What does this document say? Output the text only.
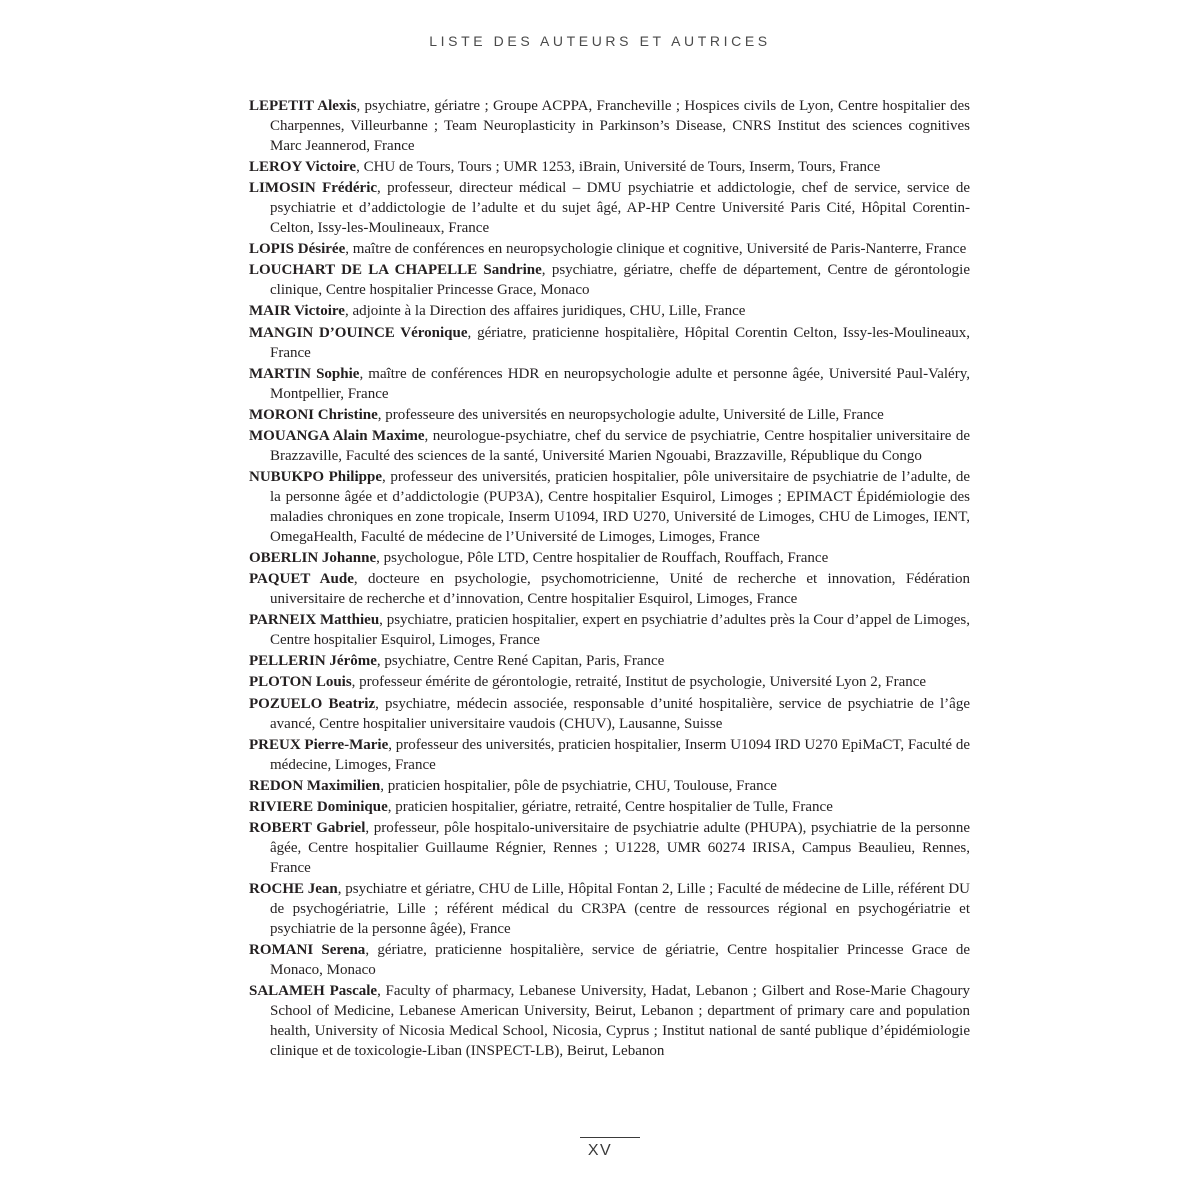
LISTE DES AUTEURS ET AUTRICES
LEPETIT Alexis, psychiatre, gériatre ; Groupe ACPPA, Francheville ; Hospices civils de Lyon, Centre hospitalier des Charpennes, Villeurbanne ; Team Neuroplasticity in Parkinson’s Disease, CNRS Institut des sciences cognitives Marc Jeannerod, France
LEROY Victoire, CHU de Tours, Tours ; UMR 1253, iBrain, Université de Tours, Inserm, Tours, France
LIMOSIN Frédéric, professeur, directeur médical – DMU psychiatrie et addictologie, chef de service, service de psychiatrie et d’addictologie de l’adulte et du sujet âgé, AP-HP Centre Université Paris Cité, Hôpital Corentin-Celton, Issy-les-Moulineaux, France
LOPIS Désirée, maître de conférences en neuropsychologie clinique et cognitive, Université de Paris-Nanterre, France
LOUCHART DE LA CHAPELLE Sandrine, psychiatre, gériatre, cheffe de département, Centre de gérontologie clinique, Centre hospitalier Princesse Grace, Monaco
MAIR Victoire, adjointe à la Direction des affaires juridiques, CHU, Lille, France
MANGIN D’OUINCE Véronique, gériatre, praticienne hospitalière, Hôpital Corentin Celton, Issy-les-Moulineaux, France
MARTIN Sophie, maître de conférences HDR en neuropsychologie adulte et personne âgée, Université Paul-Valéry, Montpellier, France
MORONI Christine, professeure des universités en neuropsychologie adulte, Université de Lille, France
MOUANGA Alain Maxime, neurologue-psychiatre, chef du service de psychiatrie, Centre hospitalier universitaire de Brazzaville, Faculté des sciences de la santé, Université Marien Ngouabi, Brazzaville, République du Congo
NUBUKPO Philippe, professeur des universités, praticien hospitalier, pôle universitaire de psychiatrie de l’adulte, de la personne âgée et d’addictologie (PUP3A), Centre hospitalier Esquirol, Limoges ; EPIMACT Épidémiologie des maladies chroniques en zone tropicale, Inserm U1094, IRD U270, Université de Limoges, CHU de Limoges, IENT, OmegaHealth, Faculté de médecine de l’Université de Limoges, Limoges, France
OBERLIN Johanne, psychologue, Pôle LTD, Centre hospitalier de Rouffach, Rouffach, France
PAQUET Aude, docteure en psychologie, psychomotricienne, Unité de recherche et innovation, Fédération universitaire de recherche et d’innovation, Centre hospitalier Esquirol, Limoges, France
PARNEIX Matthieu, psychiatre, praticien hospitalier, expert en psychiatrie d’adultes près la Cour d’appel de Limoges, Centre hospitalier Esquirol, Limoges, France
PELLERIN Jérôme, psychiatre, Centre René Capitan, Paris, France
PLOTON Louis, professeur émérite de gérontologie, retraité, Institut de psychologie, Université Lyon 2, France
POZUELO Beatriz, psychiatre, médecin associée, responsable d’unité hospitalière, service de psychiatrie de l’âge avancé, Centre hospitalier universitaire vaudois (CHUV), Lausanne, Suisse
PREUX Pierre-Marie, professeur des universités, praticien hospitalier, Inserm U1094 IRD U270 EpiMaCT, Faculté de médecine, Limoges, France
REDON Maximilien, praticien hospitalier, pôle de psychiatrie, CHU, Toulouse, France
RIVIERE Dominique, praticien hospitalier, gériatre, retraité, Centre hospitalier de Tulle, France
ROBERT Gabriel, professeur, pôle hospitalo-universitaire de psychiatrie adulte (PHUPA), psychiatrie de la personne âgée, Centre hospitalier Guillaume Régnier, Rennes ; U1228, UMR 60274 IRISA, Campus Beaulieu, Rennes, France
ROCHE Jean, psychiatre et gériatre, CHU de Lille, Hôpital Fontan 2, Lille ; Faculté de médecine de Lille, référent DU de psychogériatrie, Lille ; référent médical du CR3PA (centre de ressources régional en psychogériatrie et psychiatrie de la personne âgée), France
ROMANI Serena, gériatre, praticienne hospitalière, service de gériatrie, Centre hospitalier Princesse Grace de Monaco, Monaco
SALAMEH Pascale, Faculty of pharmacy, Lebanese University, Hadat, Lebanon ; Gilbert and Rose-Marie Chagoury School of Medicine, Lebanese American University, Beirut, Lebanon ; department of primary care and population health, University of Nicosia Medical School, Nicosia, Cyprus ; Institut national de santé publique d’épidémiologie clinique et de toxicologie-Liban (INSPECT-LB), Beirut, Lebanon
XV
